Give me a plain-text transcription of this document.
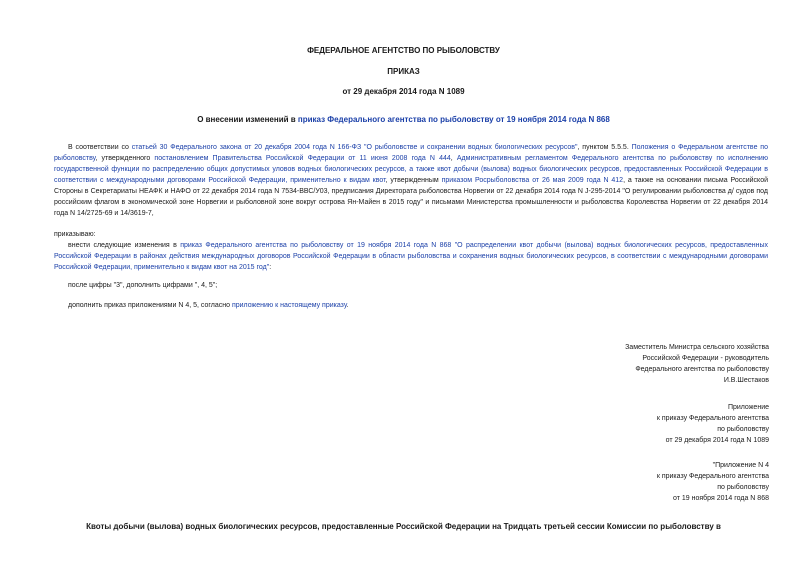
ФЕДЕРАЛЬНОЕ АГЕНТСТВО ПО РЫБОЛОВСТВУ
ПРИКАЗ
от 29 декабря 2014 года N 1089
О внесении изменений в приказ Федерального агентства по рыболовству от 19 ноября 2014 года N 868
В соответствии со статьей 30 Федерального закона от 20 декабря 2004 года N 166-ФЗ "О рыболовстве и сохранении водных биологических ресурсов", пунктом 5.5.5. Положения о Федеральном агентстве по рыболовству, утвержденного постановлением Правительства Российской Федерации от 11 июня 2008 года N 444, Административным регламентом Федерального агентства по рыболовству по исполнению государственной функции по распределению общих допустимых уловов водных биологических ресурсов, а также квот добычи (вылова) водных биологических ресурсов, предоставленных Российской Федерации в соответствии с международными договорами Российской Федерации, применительно к видам квот, утвержденным приказом Росрыболовства от 26 мая 2009 года N 412, а также на основании письма Российской Стороны в Секретариаты НЕАФК и НАФО от 22 декабря 2014 года N 7534-ВВС/У03, предписания Директората рыболовства Норвегии от 22 декабря 2014 года N J-295-2014 "О регулировании рыболовства д/ судов под российским флагом в экономической зоне Норвегии и рыболовной зоне вокруг острова Ян-Майен в 2015 году" и письмами Министерства промышленности и рыболовства Королевства Норвегии от 22 декабря 2014 года N 14/2725-69 и 14/3619-7,
приказываю:
внести следующие изменения в приказ Федерального агентства по рыболовству от 19 ноября 2014 года N 868 "О распределении квот добычи (вылова) водных биологических ресурсов, предоставленных Российской Федерации в районах действия международных договоров Российской Федерации в области рыболовства и сохранения водных биологических ресурсов, в соответствии с международными договорами Российской Федерации, применительно к видам квот на 2015 год":
после цифры "3", дополнить цифрами ", 4, 5";
дополнить приказ приложениями N 4, 5, согласно приложению к настоящему приказу.
Заместитель Министра сельского хозяйства
Российской Федерации - руководитель
Федерального агентства по рыболовству
И.В.Шестаков
Приложение
к приказу Федерального агентства
по рыболовству
от 29 декабря 2014 года N 1089
"Приложение N 4
к приказу Федерального агентства
по рыболовству
от 19 ноября 2014 года N 868
Квоты добычи (вылова) водных биологических ресурсов, предоставленные Российской Федерации на Тридцать третьей сессии Комиссии по рыболовству в
